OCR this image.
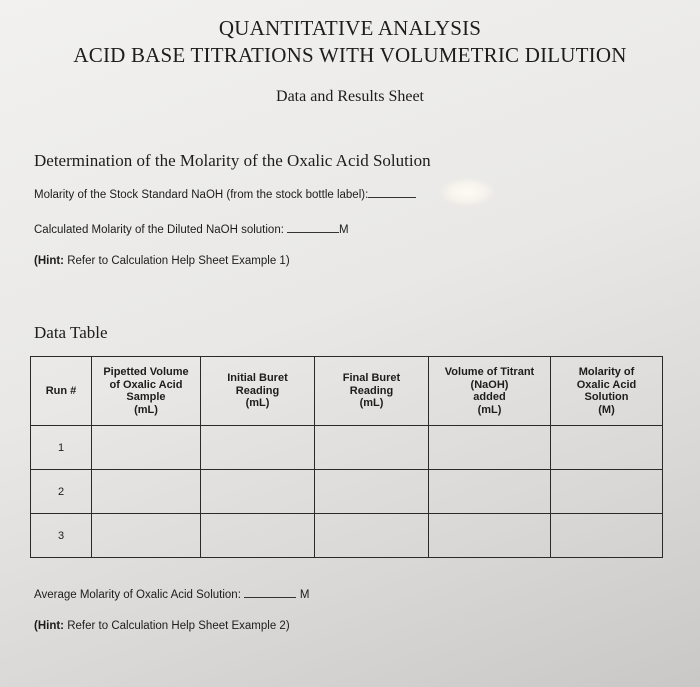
QUANTITATIVE ANALYSIS
ACID BASE TITRATIONS WITH VOLUMETRIC DILUTION
Data and Results Sheet
Determination of the Molarity of the Oxalic Acid Solution
Molarity of the Stock Standard NaOH (from the stock bottle label):
Calculated Molarity of the Diluted NaOH solution:	M
(Hint: Refer to Calculation Help Sheet Example 1)
Data Table
Run #	Pipetted Volume
of Oxalic Acid
Sample
(mL)	Initial Buret
Reading
(mL)	Final Buret
Reading
(mL)	Volume of Titrant
(NaOH)
added
(mL)	Molarity of
Oxalic Acid
Solution
(M)
1					
2					
3					
Average Molarity of Oxalic Acid Solution:	M
(Hint: Refer to Calculation Help Sheet Example 2)
